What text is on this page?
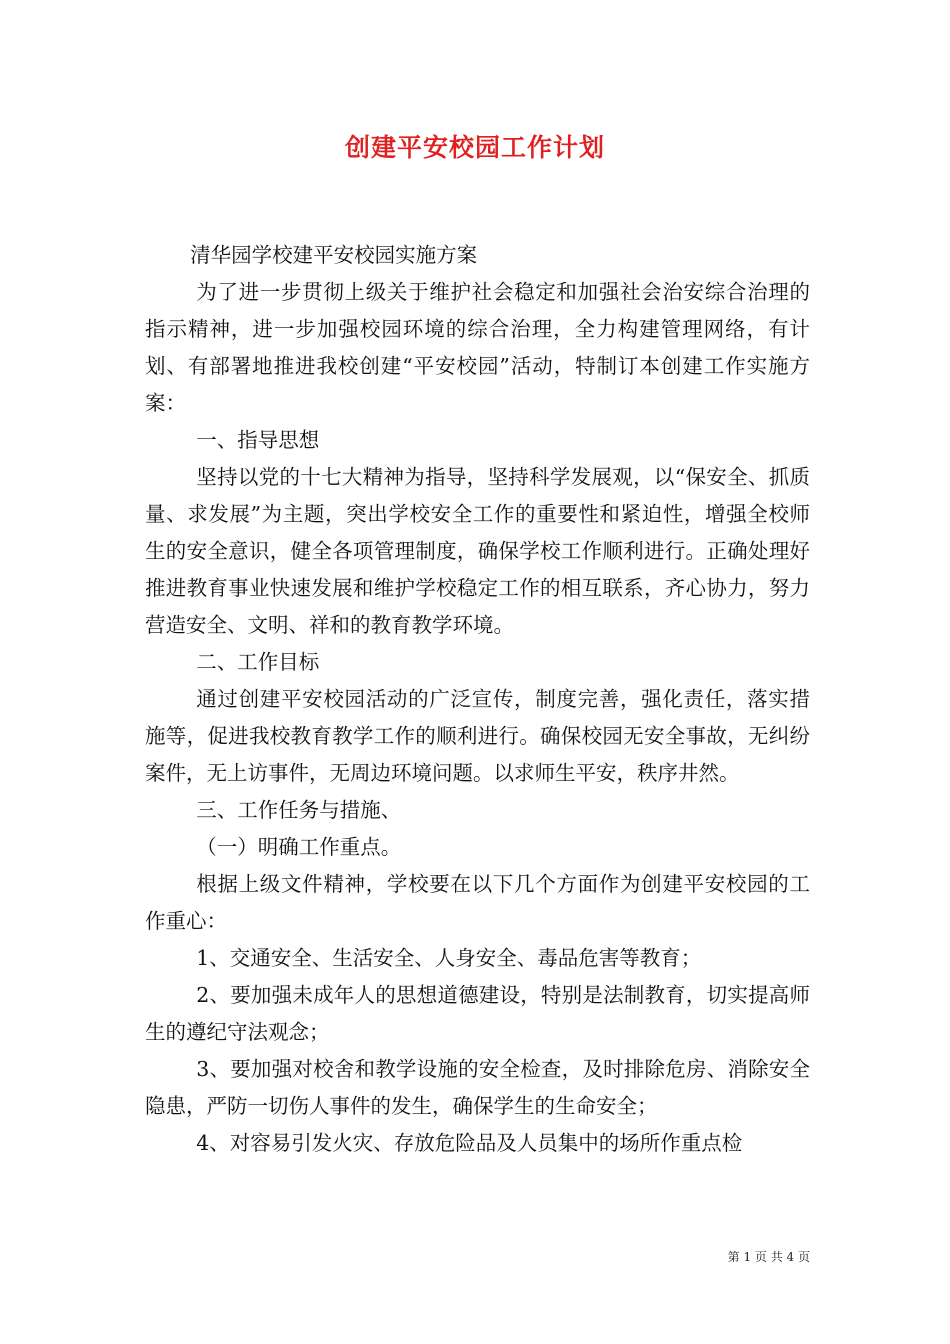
创建平安校园工作计划

清华园学校建平安校园实施方案

为了进一步贯彻上级关于维护社会稳定和加强社会治安综合治理的指示精神，进一步加强校园环境的综合治理，全力构建管理网络，有计划、有部署地推进我校创建“平安校园”活动，特制订本创建工作实施方案：

一、指导思想

坚持以党的十七大精神为指导，坚持科学发展观，以“保安全、抓质量、求发展”为主题，突出学校安全工作的重要性和紧迫性，增强全校师生的安全意识，健全各项管理制度，确保学校工作顺利进行。正确处理好推进教育事业快速发展和维护学校稳定工作的相互联系，齐心协力，努力营造安全、文明、祥和的教育教学环境。

二、工作目标

通过创建平安校园活动的广泛宣传，制度完善，强化责任，落实措施等，促进我校教育教学工作的顺利进行。确保校园无安全事故，无纠纷案件，无上访事件，无周边环境问题。以求师生平安，秩序井然。

三、工作任务与措施、

（一）明确工作重点。

根据上级文件精神，学校要在以下几个方面作为创建平安校园的工作重心：

1、交通安全、生活安全、人身安全、毒品危害等教育；

2、要加强未成年人的思想道德建设，特别是法制教育，切实提高师生的遵纪守法观念；

3、要加强对校舍和教学设施的安全检查，及时排除危房、消除安全隐患，严防一切伤人事件的发生，确保学生的生命安全；

4、对容易引发火灾、存放危险品及人员集中的场所作重点检

第 1 页 共 4 页
